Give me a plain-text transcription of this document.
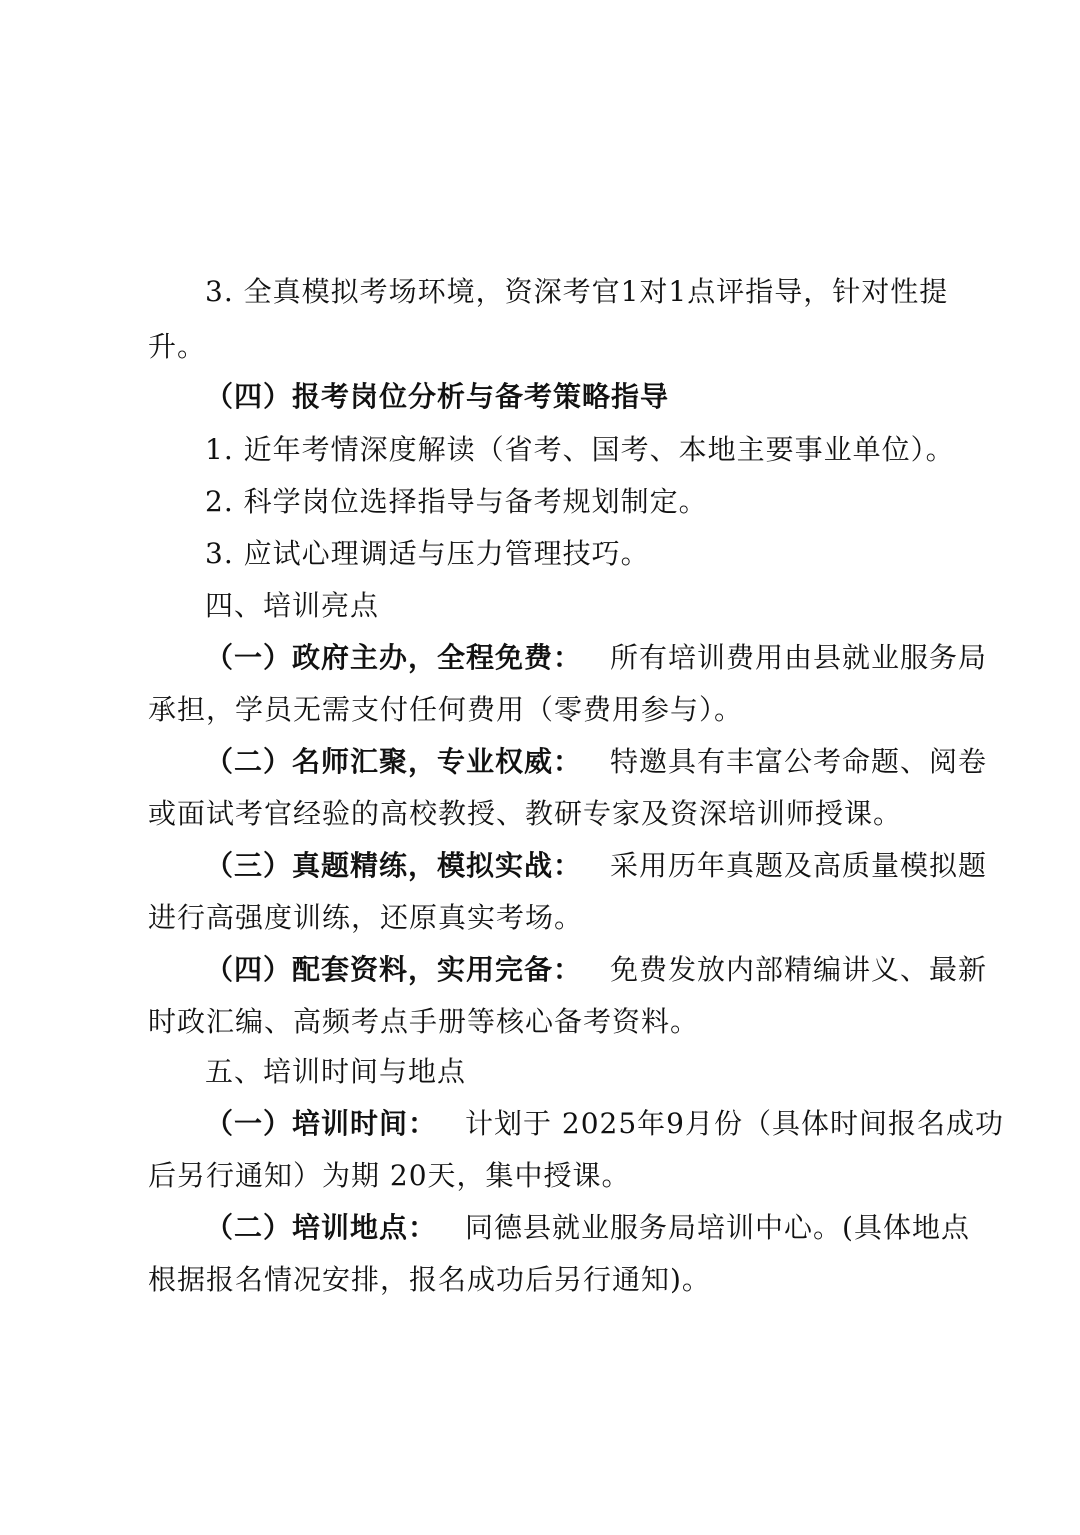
3. 全真模拟考场环境，资深考官1对1点评指导，针对性提
升。
（四）报考岗位分析与备考策略指导
1. 近年考情深度解读（省考、国考、本地主要事业单位）。
2. 科学岗位选择指导与备考规划制定。
3. 应试心理调适与压力管理技巧。
四、培训亮点
（一）政府主办，全程免费： 所有培训费用由县就业服务局
承担，学员无需支付任何费用（零费用参与）。
（二）名师汇聚，专业权威： 特邀具有丰富公考命题、阅卷
或面试考官经验的高校教授、教研专家及资深培训师授课。
（三）真题精练，模拟实战： 采用历年真题及高质量模拟题
进行高强度训练，还原真实考场。
（四）配套资料，实用完备： 免费发放内部精编讲义、最新
时政汇编、高频考点手册等核心备考资料。
五、培训时间与地点
（一）培训时间： 计划于 2025年9月份（具体时间报名成功
后另行通知）为期 20天，集中授课。
（二）培训地点： 同德县就业服务局培训中心。(具体地点
根据报名情况安排，报名成功后另行通知)。
